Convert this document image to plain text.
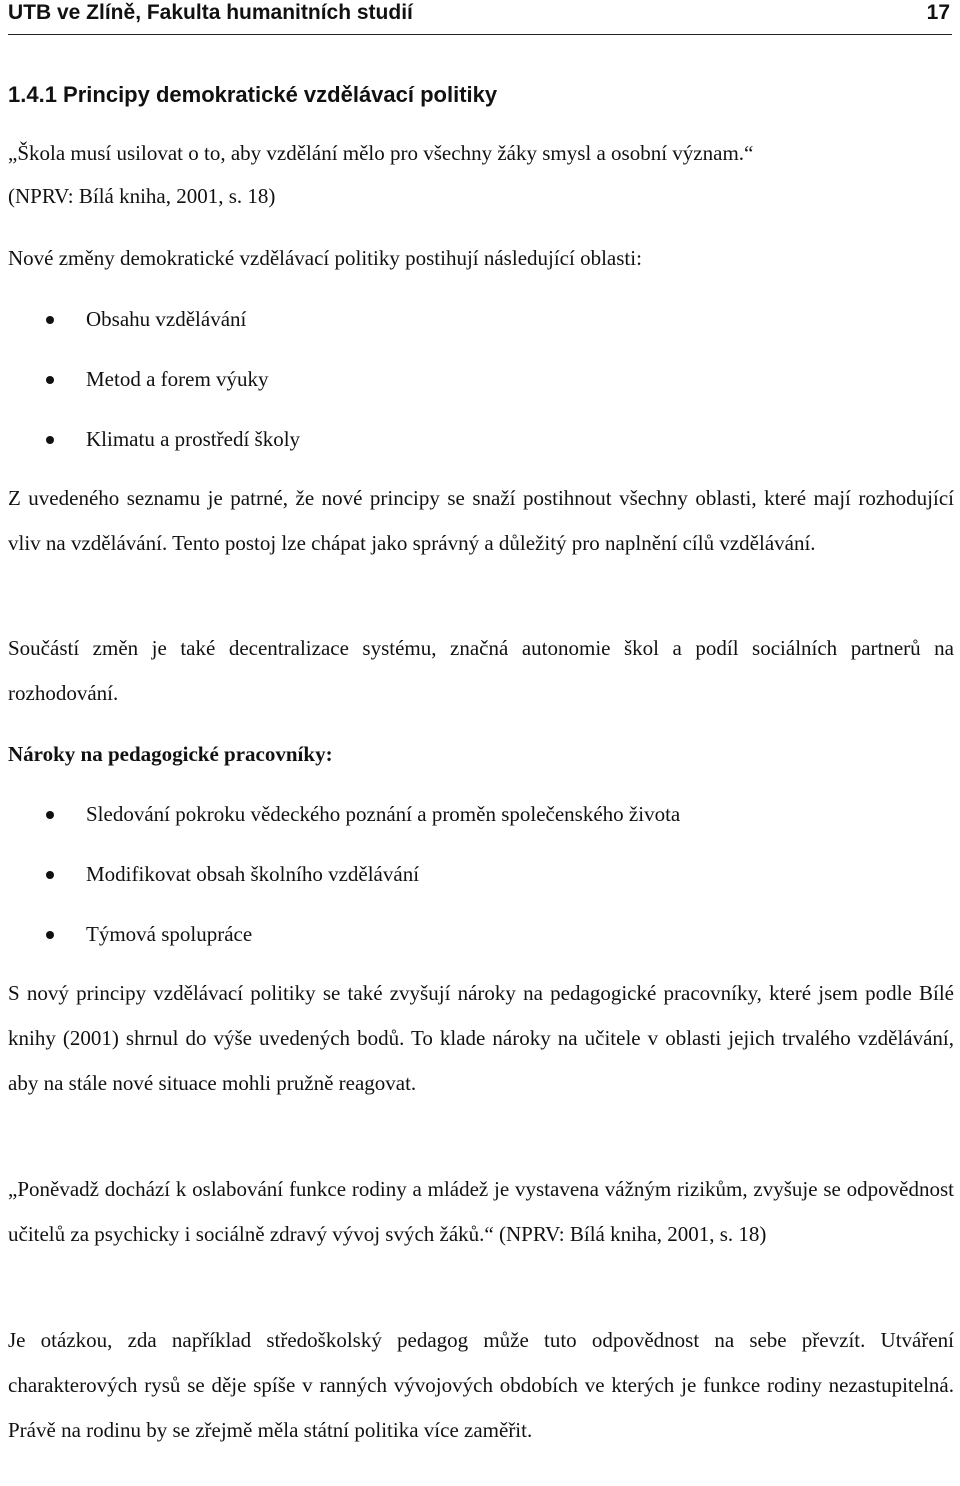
UTB ve Zlíně, Fakulta humanitních studií	17
1.4.1 Principy demokratické vzdělávací politiky
„Škola musí usilovat o to, aby vzdělání mělo pro všechny žáky smysl a osobní význam.“
(NPRV: Bílá kniha, 2001, s. 18)
Nové změny demokratické vzdělávací politiky postihují následující oblasti:
Obsahu vzdělávání
Metod a forem výuky
Klimatu a prostředí školy

Z uvedeného seznamu je patrné, že nové principy se snaží postihnout všechny oblasti, které mají rozhodující vliv na vzdělávání. Tento postoj lze chápat jako správný a důležitý pro naplnění cílů vzdělávání.

Součástí změn je také decentralizace systému, značná autonomie škol a podíl sociálních partnerů na rozhodování.

Nároky na pedagogické pracovníky:
Sledování pokroku vědeckého poznání a proměn společenského života
Modifikovat obsah školního vzdělávání
Týmová spolupráce

S nový principy vzdělávací politiky se také zvyšují nároky na pedagogické pracovníky, které jsem podle Bílé knihy (2001) shrnul do výše uvedených bodů. To klade nároky na učitele v oblasti jejich trvalého vzdělávání, aby na stále nové situace mohli pružně reagovat.

„Poněvadž dochází k oslabování funkce rodiny a mládež je vystavena vážným rizikům, zvyšuje se odpovědnost učitelů za psychicky i sociálně zdravý vývoj svých žáků.“ (NPRV: Bílá kniha, 2001, s. 18)

Je otázkou, zda například středoškolský pedagog může tuto odpovědnost na sebe převzít. Utváření charakterových rysů se děje spíše v ranných vývojových obdobích ve kterých je funkce rodiny nezastupitelná. Právě na rodinu by se zřejmě měla státní politika více zaměřit.
